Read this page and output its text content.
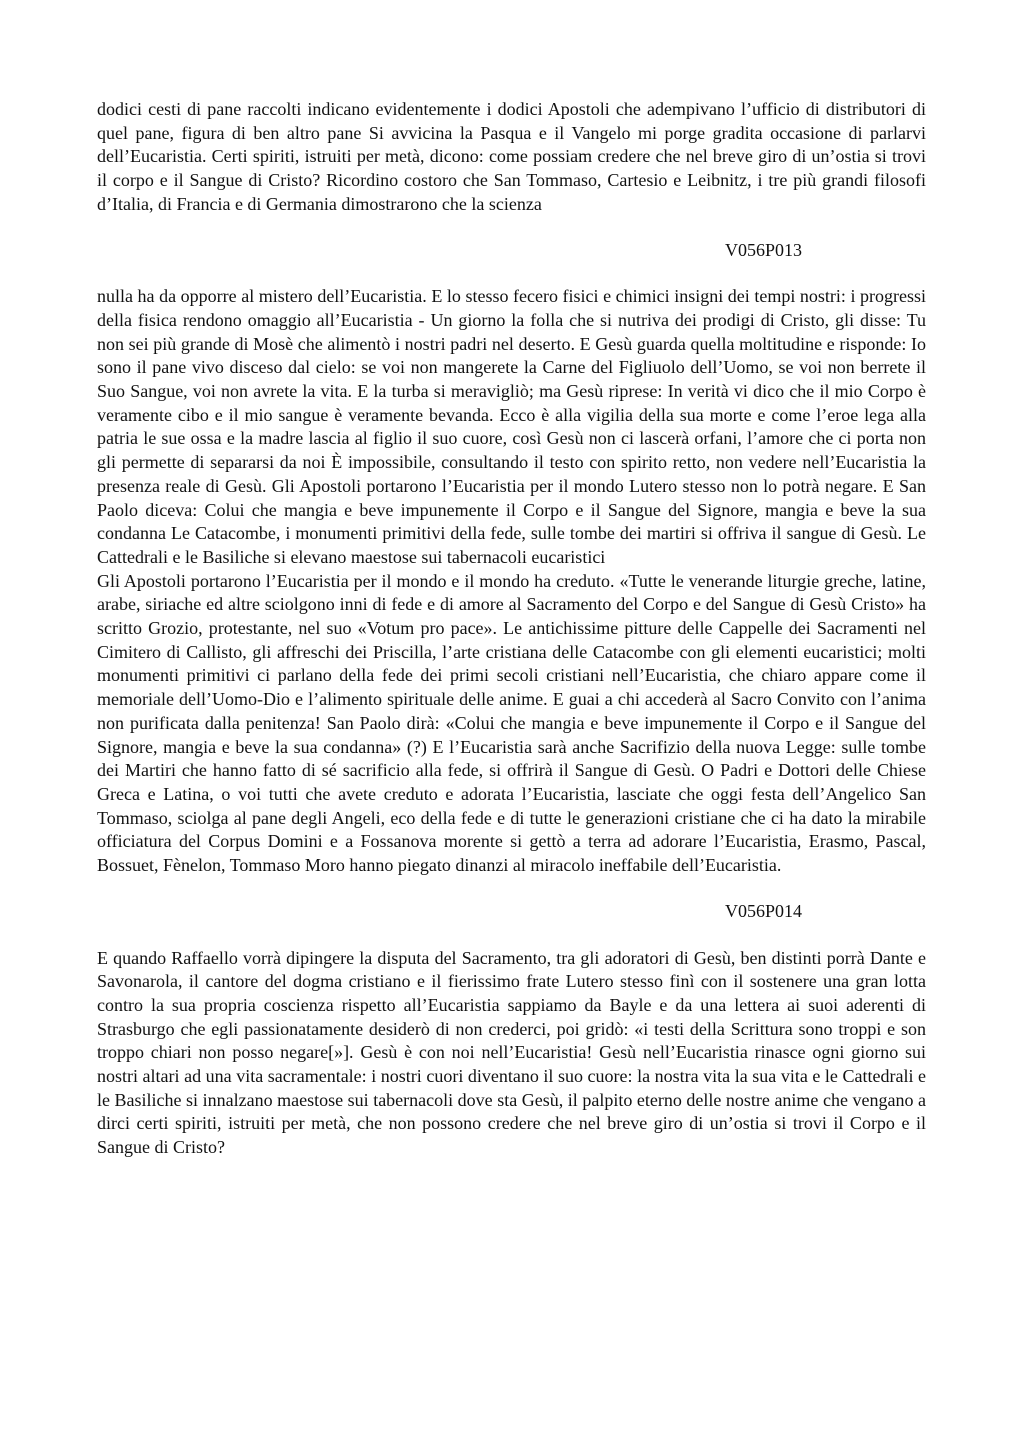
dodici cesti di pane raccolti indicano evidentemente i dodici Apostoli che adempivano l’ufficio di distributori di quel pane, figura di ben altro pane Si avvicina la Pasqua e il Vangelo mi porge gradita occasione di parlarvi dell’Eucaristia. Certi spiriti, istruiti per metà, dicono: come possiam credere che nel breve giro di un’ostia si trovi il corpo e il Sangue di Cristo? Ricordino costoro che San Tommaso, Cartesio e Leibnitz, i tre più grandi filosofi d’Italia, di Francia e di Germania dimostrarono che la scienza

V056P013

nulla ha da opporre al mistero dell’Eucaristia. E lo stesso fecero fisici e chimici insigni dei tempi nostri: i progressi della fisica rendono omaggio all’Eucaristia - Un giorno la folla che si nutriva dei prodigi di Cristo, gli disse: Tu non sei più grande di Mosè che alimentò i nostri padri nel deserto. E Gesù guarda quella moltitudine e risponde: Io sono il pane vivo disceso dal cielo: se voi non mangerete la Carne del Figliuolo dell’Uomo, se voi non berrete il Suo Sangue, voi non avrete la vita. E la turba si meravigliò; ma Gesù riprese: In verità vi dico che il mio Corpo è veramente cibo e il mio sangue è veramente bevanda. Ecco è alla vigilia della sua morte e come l’eroe lega alla patria le sue ossa e la madre lascia al figlio il suo cuore, così Gesù non ci lascerà orfani, l’amore che ci porta non gli permette di separarsi da noi È impossibile, consultando il testo con spirito retto, non vedere nell’Eucaristia la presenza reale di Gesù. Gli Apostoli portarono l’Eucaristia per il mondo Lutero stesso non lo potrà negare. E San Paolo diceva: Colui che mangia e beve impunemente il Corpo e il Sangue del Signore, mangia e beve la sua condanna Le Catacombe, i monumenti primitivi della fede, sulle tombe dei martiri si offriva il sangue di Gesù. Le Cattedrali e le Basiliche si elevano maestose sui tabernacoli eucaristici

Gli Apostoli portarono l’Eucaristia per il mondo e il mondo ha creduto. «Tutte le venerande liturgie greche, latine, arabe, siriache ed altre sciolgono inni di fede e di amore al Sacramento del Corpo e del Sangue di Gesù Cristo» ha scritto Grozio, protestante, nel suo «Votum pro pace». Le antichissime pitture delle Cappelle dei Sacramenti nel Cimitero di Callisto, gli affreschi dei Priscilla, l’arte cristiana delle Catacombe con gli elementi eucaristici; molti monumenti primitivi ci parlano della fede dei primi secoli cristiani nell’Eucaristia, che chiaro appare come il memoriale dell’Uomo-Dio e l’alimento spirituale delle anime. E guai a chi accederà al Sacro Convito con l’anima non purificata dalla penitenza! San Paolo dirà: «Colui che mangia e beve impunemente il Corpo e il Sangue del Signore, mangia e beve la sua condanna» (?) E l’Eucaristia sarà anche Sacrifizio della nuova Legge: sulle tombe dei Martiri che hanno fatto di sé sacrificio alla fede, si offrirà il Sangue di Gesù. O Padri e Dottori delle Chiese Greca e Latina, o voi tutti che avete creduto e adorata l’Eucaristia, lasciate che oggi festa dell’Angelico San Tommaso, sciolga al pane degli Angeli, eco della fede e di tutte le generazioni cristiane che ci ha dato la mirabile officiatura del Corpus Domini e a Fossanova morente si gettò a terra ad adorare l’Eucaristia, Erasmo, Pascal, Bossuet, Fènelon, Tommaso Moro hanno piegato dinanzi al miracolo ineffabile dell’Eucaristia.

V056P014

E quando Raffaello vorrà dipingere la disputa del Sacramento, tra gli adoratori di Gesù, ben distinti porrà Dante e Savonarola, il cantore del dogma cristiano e il fierissimo frate Lutero stesso finì con il sostenere una gran lotta contro la sua propria coscienza rispetto all’Eucaristia sappiamo da Bayle e da una lettera ai suoi aderenti di Strasburgo che egli passionatamente desiderò di non crederci, poi gridò: «i testi della Scrittura sono troppi e son troppo chiari non posso negare[»]. Gesù è con noi nell’Eucaristia! Gesù nell’Eucaristia rinasce ogni giorno sui nostri altari ad una vita sacramentale: i nostri cuori diventano il suo cuore: la nostra vita la sua vita e le Cattedrali e le Basiliche si innalzano maestose sui tabernacoli dove sta Gesù, il palpito eterno delle nostre anime che vengano a dirci certi spiriti, istruiti per metà, che non possono credere che nel breve giro di un’ostia si trovi il Corpo e il Sangue di Cristo?
